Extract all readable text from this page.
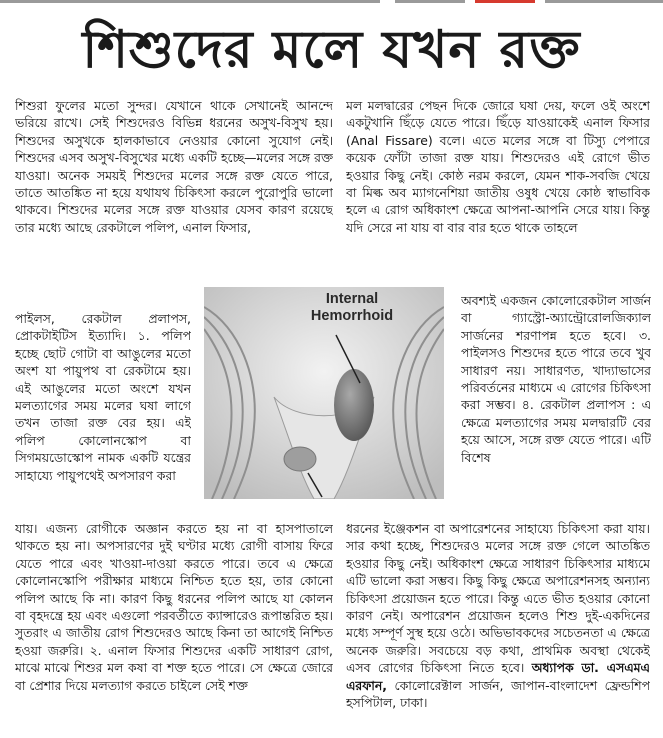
শিশুদের মলে যখন রক্ত
শিশুরা ফুলের মতো সুন্দর। যেখানে থাকে সেখানেই আনন্দে ভরিয়ে রাখে। সেই শিশুদেরও বিভিন্ন ধরনের অসুখ-বিসুখ হয়। শিশুদের অসুখকে হালকাভাবে নেওয়ার কোনো সুযোগ নেই। শিশুদের এসব অসুখ-বিসুখের মধ্যে একটি হচ্ছে—মলের সঙ্গে রক্ত যাওয়া। অনেক সময়ই শিশুদের মলের সঙ্গে রক্ত যেতে পারে, তাতে আতঙ্কিত না হয়ে যথাযথ চিকিৎসা করলে পুরোপুরি ভালো থাকবে। শিশুদের মলের সঙ্গে রক্ত যাওয়ার যেসব কারণ রয়েছে তার মধ্যে আছে রেকটালে পলিপ, এনাল ফিসার,
পাইলস, রেকটাল প্রলাপস, প্রোকটাইটিস ইত্যাদি। ১. পলিপ হচ্ছে ছোট গোটা বা আঙুলের মতো অংশ যা পায়ুপথ বা রেকটামে হয়। এই আঙুলের মতো অংশে যখন মলত্যাগের সময় মলের ঘষা লাগে তখন তাজা রক্ত বের হয়। এই পলিপ কোলোনস্কোপ বা সিগময়ডোস্কোপ নামক একটি যন্ত্রের সাহায্যে পায়ুপথেই অপসারণ করা
যায়। এজন্য রোগীকে অজ্ঞান করতে হয় না বা হাসপাতালে থাকতে হয় না। অপসারণের দুই ঘণ্টার মধ্যে রোগী বাসায় ফিরে যেতে পারে এবং খাওয়া-দাওয়া করতে পারে। তবে এ ক্ষেত্রে কোলোনস্কোপি পরীক্ষার মাধ্যমে নিশ্চিত হতে হয়, তার কোনো পলিপ আছে কি না। কারণ কিছু ধরনের পলিপ আছে যা কোলন বা বৃহদন্ত্রে হয় এবং এগুলো পরবর্তীতে ক্যান্সারেও রূপান্তরিত হয়। সুতরাং এ জাতীয় রোগ শিশুদেরও আছে কিনা তা আগেই নিশ্চিত হওয়া জরুরি। ২. এনাল ফিসার শিশুদের একটি সাধারণ রোগ, মাঝে মাঝে শিশুর মল কষা বা শক্ত হতে পারে। সে ক্ষেত্রে জোরে বা প্রেশার দিয়ে মলত্যাগ করতে চাইলে সেই শক্ত
মল মলদ্বারের পেছন দিকে জোরে ঘষা দেয়, ফলে ওই অংশে একটুখানি ছিঁড়ে যেতে পারে। ছিঁড়ে যাওয়াকেই এনাল ফিসার (Anal Fissare) বলে। এতে মলের সঙ্গে বা টিস্যু পেপারে কয়েক ফোঁটা তাজা রক্ত যায়। শিশুদেরও এই রোগে ভীত হওয়ার কিছু নেই। কোষ্ঠ নরম করলে, যেমন শাক-সবজি খেয়ে বা মিল্ক অব ম্যাগনেশিয়া জাতীয় ওষুধ খেয়ে কোষ্ঠ স্বাভাবিক হলে এ রোগ অধিকাংশ ক্ষেত্রে আপনা-আপনি সেরে যায়। কিন্তু যদি সেরে না যায় বা বার বার হতে থাকে তাহলে
অবশ্যই একজন কোলোরেকটাল সার্জন বা গ্যাস্ট্রো-অ্যান্ট্রোরোলজিক্যাল সার্জনের শরণাপন্ন হতে হবে। ৩. পাইলসও শিশুদের হতে পারে তবে খুব সাধারণ নয়। সাধারণত, খাদ্যাভাসের পরিবর্তনের মাধ্যমে এ রোগের চিকিৎসা করা সম্ভব। ৪. রেকটাল প্রলাপস : এ ক্ষেত্রে মলত্যাগের সময় মলদ্বারটি বের হয়ে আসে, সঙ্গে রক্ত যেতে পারে। এটি বিশেষ
ধরনের ইঞ্জেকশন বা অপারেশনের সাহায্যে চিকিৎসা করা যায়। সার কথা হচ্ছে, শিশুদেরও মলের সঙ্গে রক্ত গেলে আতঙ্কিত হওয়ার কিছু নেই। অধিকাংশ ক্ষেত্রে সাধারণ চিকিৎসার মাধ্যমে এটি ভালো করা সম্ভব। কিছু কিছু ক্ষেত্রে অপারেশনসহ অন্যান্য চিকিৎসা প্রয়োজন হতে পারে। কিন্তু এতে ভীত হওয়ার কোনো কারণ নেই। অপারেশন প্রয়োজন হলেও শিশু দুই-একদিনের মধ্যে সম্পূর্ণ সুস্থ হয়ে ওঠে। অভিভাবকদের সচেতনতা এ ক্ষেত্রে অনেক জরুরি। সবচেয়ে বড় কথা, প্রাথমিক অবস্থা থেকেই এসব রোগের চিকিৎসা নিতে হবে। অধ্যাপক ডা. এসএমএ এরফান, কোলোরেক্টাল সার্জন, জাপান-বাংলাদেশ ফ্রেন্ডশিপ হসপিটাল, ঢাকা।
Internal
Hemorrhoid
